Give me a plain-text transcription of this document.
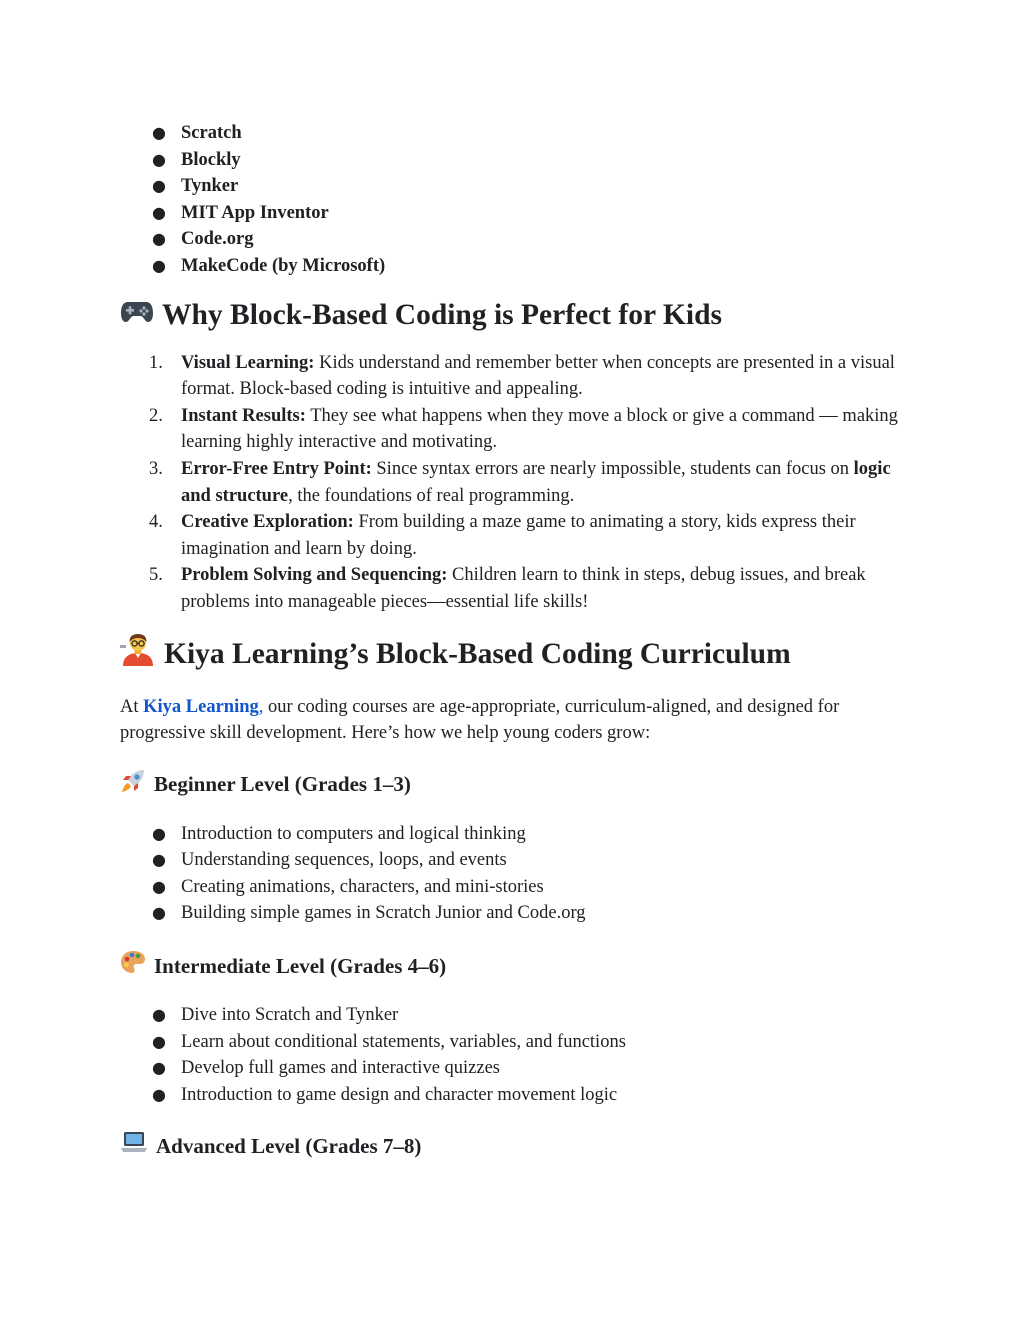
● Scratch
● Blockly
● Tynker
● MIT App Inventor
● Code.org
● MakeCode (by Microsoft)
Why Block-Based Coding is Perfect for Kids
1. Visual Learning: Kids understand and remember better when concepts are presented in a visual format. Block-based coding is intuitive and appealing.
2. Instant Results: They see what happens when they move a block or give a command — making learning highly interactive and motivating.
3. Error-Free Entry Point: Since syntax errors are nearly impossible, students can focus on logic and structure, the foundations of real programming.
4. Creative Exploration: From building a maze game to animating a story, kids express their imagination and learn by doing.
5. Problem Solving and Sequencing: Children learn to think in steps, debug issues, and break problems into manageable pieces—essential life skills!
Kiya Learning’s Block-Based Coding Curriculum

At Kiya Learning, our coding courses are age-appropriate, curriculum-aligned, and designed for progressive skill development. Here’s how we help young coders grow:

Beginner Level (Grades 1–3)
● Introduction to computers and logical thinking
● Understanding sequences, loops, and events
● Creating animations, characters, and mini-stories
● Building simple games in Scratch Junior and Code.org
Intermediate Level (Grades 4–6)
● Dive into Scratch and Tynker
● Learn about conditional statements, variables, and functions
● Develop full games and interactive quizzes
● Introduction to game design and character movement logic
Advanced Level (Grades 7–8)
